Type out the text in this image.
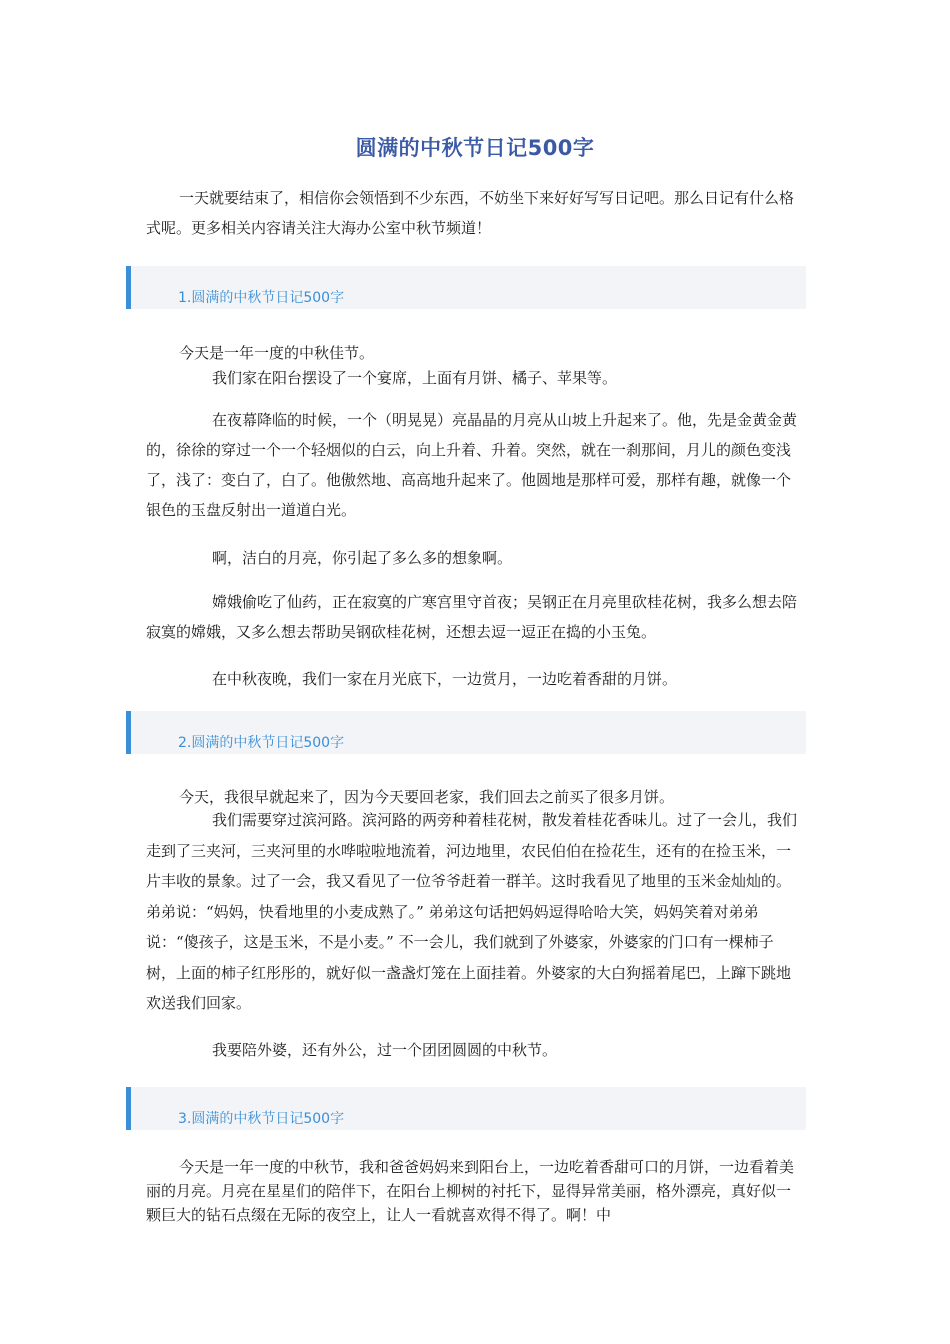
圆满的中秋节日记500字
一天就要结束了，相信你会领悟到不少东西，不妨坐下来好好写写日记吧。那么日记有什么格式呢。更多相关内容请关注大海办公室中秋节频道！
1.圆满的中秋节日记500字
今天是一年一度的中秋佳节。
我们家在阳台摆设了一个宴席，上面有月饼、橘子、苹果等。
在夜幕降临的时候，一个（明晃晃）亮晶晶的月亮从山坡上升起来了。他，先是金黄金黄的，徐徐的穿过一个一个轻烟似的白云，向上升着、升着。突然，就在一刹那间，月儿的颜色变浅了，浅了：变白了，白了。他傲然地、高高地升起来了。他圆地是那样可爱，那样有趣，就像一个银色的玉盘反射出一道道白光。
啊，洁白的月亮，你引起了多么多的想象啊。
嫦娥偷吃了仙药，正在寂寞的广寒宫里守首夜；吴钢正在月亮里砍桂花树，我多么想去陪寂寞的嫦娥，又多么想去帮助吴钢砍桂花树，还想去逗一逗正在捣的小玉兔。
在中秋夜晚，我们一家在月光底下，一边赏月，一边吃着香甜的月饼。
2.圆满的中秋节日记500字
今天，我很早就起来了，因为今天要回老家，我们回去之前买了很多月饼。
我们需要穿过滨河路。滨河路的两旁种着桂花树，散发着桂花香味儿。过了一会儿，我们走到了三夹河，三夹河里的水哗啦啦地流着，河边地里，农民伯伯在捡花生，还有的在捡玉米，一片丰收的景象。过了一会，我又看见了一位爷爷赶着一群羊。这时我看见了地里的玉米金灿灿的。弟弟说：“妈妈，快看地里的小麦成熟了。” 弟弟这句话把妈妈逗得哈哈大笑，妈妈笑着对弟弟说：“傻孩子，这是玉米，不是小麦。” 不一会儿，我们就到了外婆家，外婆家的门口有一棵柿子树，上面的柿子红彤彤的，就好似一盏盏灯笼在上面挂着。外婆家的大白狗摇着尾巴，上蹿下跳地欢送我们回家。
我要陪外婆，还有外公，过一个团团圆圆的中秋节。
3.圆满的中秋节日记500字
今天是一年一度的中秋节，我和爸爸妈妈来到阳台上，一边吃着香甜可口的月饼，一边看着美丽的月亮。月亮在星星们的陪伴下，在阳台上柳树的衬托下，显得异常美丽，格外漂亮，真好似一颗巨大的钻石点缀在无际的夜空上，让人一看就喜欢得不得了。啊！中
